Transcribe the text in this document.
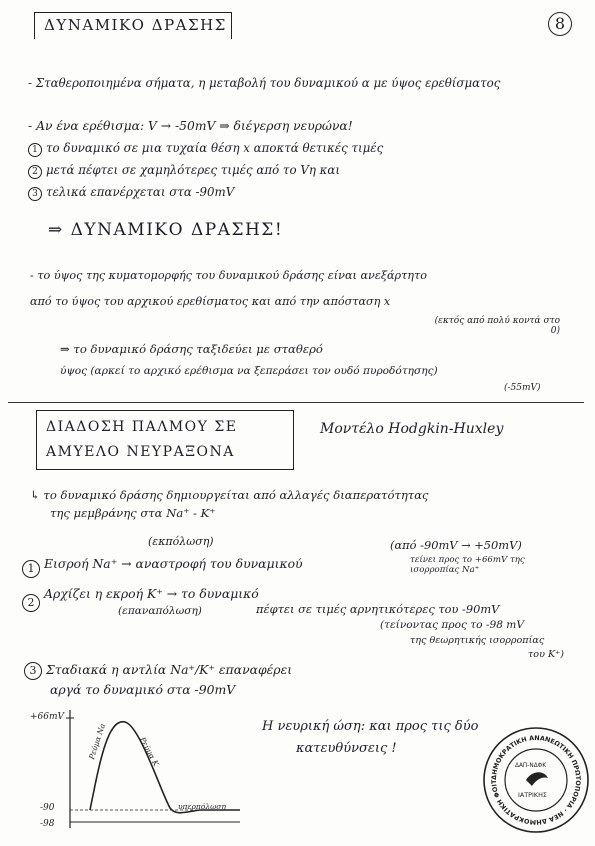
ΔΥΝΑΜΙΚΟ ΔΡΑΣΗΣ	8
- Σταθεροποιημένα σήματα, η μεταβολή του δυναμικού α με ύψος ερεθίσματος
- Αν ένα ερέθισμα: V → -50mV ⇒ διέγερση νευρώνα!
1 το δυναμικό σε μια τυχαία θέση x αποκτά θετικές τιμές
2 μετά πέφτει σε χαμηλότερες τιμές από το Vη και
3 τελικά επανέρχεται στα -90mV
⇒ ΔΥΝΑΜΙΚΟ ΔΡΑΣΗΣ!
- το ύψος της κυματομορφής του δυναμικού δράσης είναι ανεξάρτητο
από το ύψος του αρχικού ερεθίσματος και από την απόσταση x
(εκτός από πολύ κοντά στο 0)
⇒ το δυναμικό δράσης ταξιδεύει με σταθερό
ύψος (αρκεί το αρχικό ερέθισμα να ξεπεράσει τον ουδό πυροδότησης)
(-55mV)
ΔΙΑΔΟΣΗ ΠΑΛΜΟΥ ΣΕ
ΑΜΥΕΛΟ ΝΕΥΡΑΞΟΝΑ
Μοντέλο Hodgkin-Huxley
↳ το δυναμικό δράσης δημιουργείται από αλλαγές διαπερατότητας
της μεμβράνης στα Na⁺ - K⁺
(εκπόλωση)
1 Εισροή Na⁺ → αναστροφή του δυναμικού
(από -90mV → +50mV)
τείνει προς το +66mV της ισορροπίας Na⁺
2
Αρχίζει η εκροή K⁺ → το δυναμικό
(επαναπόλωση)	πέφτει σε τιμές αρνητικότερες του -90mV
(τείνοντας προς το -98 mV
της θεωρητικής ισορροπίας
του K⁺)
3 Σταδιακά η αντλία Na⁺/K⁺ επαναφέρει
αργά το δυναμικό στα -90mV
+66mV
-90
-98
Ρεύμα Na	Ρεύμα K
υπερπόλωση
Η νευρική ώση: και προς τις δύο
κατευθύνσεις !
ΔΗΜΟΚΡΑΤΙΚΗ ΑΝΑΝΕΩΤΙΚΗ ΠΡΩΤΟΠΟΡΙΑ · ΝΕΑ ΔΗΜΟΚΡΑΤΙΚΗ ΦΟΙΤ
ΔΑΠ-ΝΔΦΚ
ΙΑΤΡΙΚΗΣ
